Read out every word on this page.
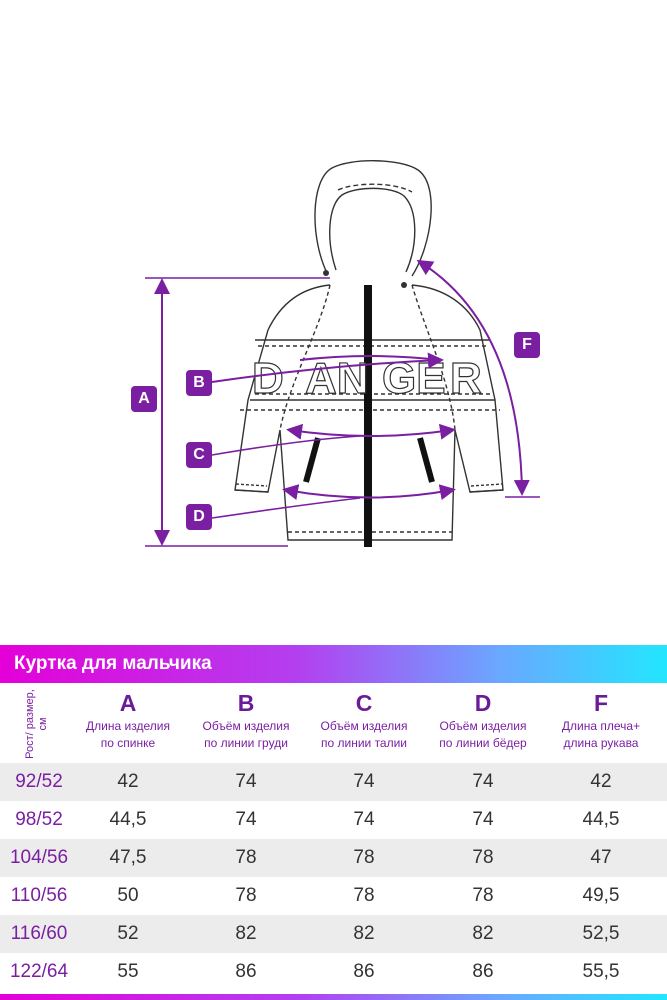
D AN GE R
A
B
C
D
F
Куртка для мальчика
Рост/ размер, см
A
Длина изделия
по спинке
B
Объём изделия
по линии груди
C
Объём изделия
по линии талии
D
Объём изделия
по линии бёдер
F
Длина плеча+
длина рукава
92/52	42	74	74	74	42
98/52	44,5	74	74	74	44,5
104/56	47,5	78	78	78	47
110/56	50	78	78	78	49,5
116/60	52	82	82	82	52,5
122/64	55	86	86	86	55,5
